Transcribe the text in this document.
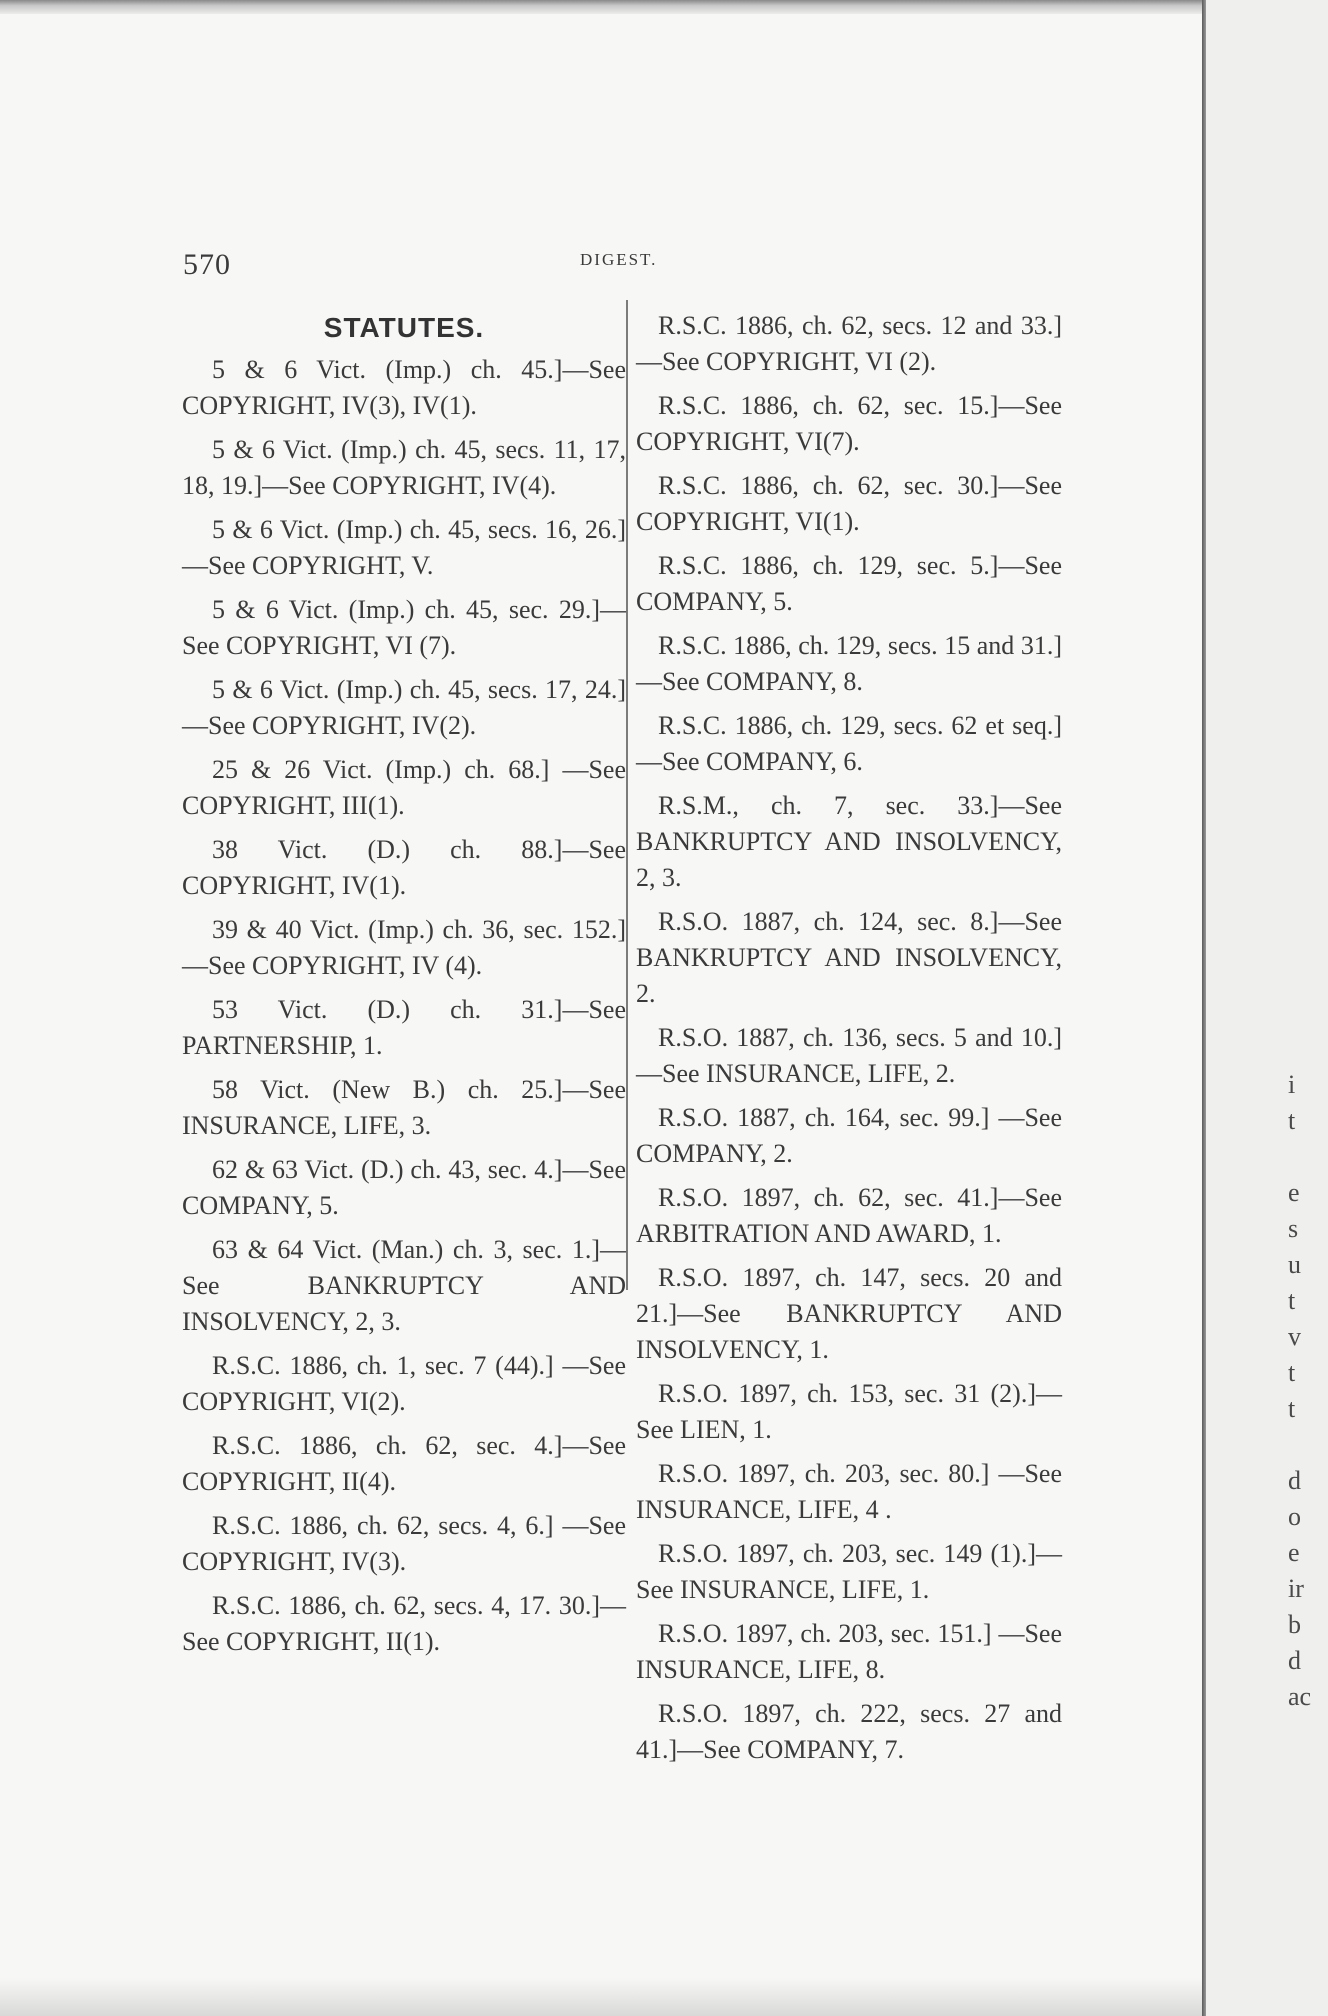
570	DIGEST.
STATUTES.

5 & 6 Vict. (Imp.) ch. 45.]—See COPYRIGHT, IV(3), IV(1).

5 & 6 Vict. (Imp.) ch. 45, secs. 11, 17, 18, 19.]—See COPYRIGHT, IV(4).

5 & 6 Vict. (Imp.) ch. 45, secs. 16, 26.]—See COPYRIGHT, V.

5 & 6 Vict. (Imp.) ch. 45, sec. 29.]—See COPYRIGHT, VI (7).

5 & 6 Vict. (Imp.) ch. 45, secs. 17, 24.]—See COPYRIGHT, IV(2).

25 & 26 Vict. (Imp.) ch. 68.] —See COPYRIGHT, III(1).

38 Vict. (D.) ch. 88.]—See COPYRIGHT, IV(1).

39 & 40 Vict. (Imp.) ch. 36, sec. 152.]—See COPYRIGHT, IV (4).

53 Vict. (D.) ch. 31.]—See PARTNERSHIP, 1.

58 Vict. (New B.) ch. 25.]—See INSURANCE, LIFE, 3.

62 & 63 Vict. (D.) ch. 43, sec. 4.]—See COMPANY, 5.

63 & 64 Vict. (Man.) ch. 3, sec. 1.]—See BANKRUPTCY AND INSOLVENCY, 2, 3.

R.S.C. 1886, ch. 1, sec. 7 (44).] —See COPYRIGHT, VI(2).

R.S.C. 1886, ch. 62, sec. 4.]—See COPYRIGHT, II(4).

R.S.C. 1886, ch. 62, secs. 4, 6.] —See COPYRIGHT, IV(3).

R.S.C. 1886, ch. 62, secs. 4, 17. 30.]—See COPYRIGHT, II(1).

R.S.C. 1886, ch. 62, secs. 12 and 33.]—See COPYRIGHT, VI (2).

R.S.C. 1886, ch. 62, sec. 15.]—See COPYRIGHT, VI(7).

R.S.C. 1886, ch. 62, sec. 30.]—See COPYRIGHT, VI(1).

R.S.C. 1886, ch. 129, sec. 5.]—See COMPANY, 5.

R.S.C. 1886, ch. 129, secs. 15 and 31.]—See COMPANY, 8.

R.S.C. 1886, ch. 129, secs. 62 et seq.]—See COMPANY, 6.

R.S.M., ch. 7, sec. 33.]—See BANKRUPTCY AND INSOLVENCY, 2, 3.

R.S.O. 1887, ch. 124, sec. 8.]—See BANKRUPTCY AND INSOLVENCY, 2.

R.S.O. 1887, ch. 136, secs. 5 and 10.]—See INSURANCE, LIFE, 2.

R.S.O. 1887, ch. 164, sec. 99.] —See COMPANY, 2.

R.S.O. 1897, ch. 62, sec. 41.]—See ARBITRATION AND AWARD, 1.

R.S.O. 1897, ch. 147, secs. 20 and 21.]—See BANKRUPTCY AND INSOLVENCY, 1.

R.S.O. 1897, ch. 153, sec. 31 (2).]—See LIEN, 1.

R.S.O. 1897, ch. 203, sec. 80.] —See INSURANCE, LIFE, 4 .

R.S.O. 1897, ch. 203, sec. 149 (1).]—See INSURANCE, LIFE, 1.

R.S.O. 1897, ch. 203, sec. 151.] —See INSURANCE, LIFE, 8.

R.S.O. 1897, ch. 222, secs. 27 and 41.]—See COMPANY, 7.

i
t
e
s
u
t
v
t
t
d
o
e
ir
b
d
ac
